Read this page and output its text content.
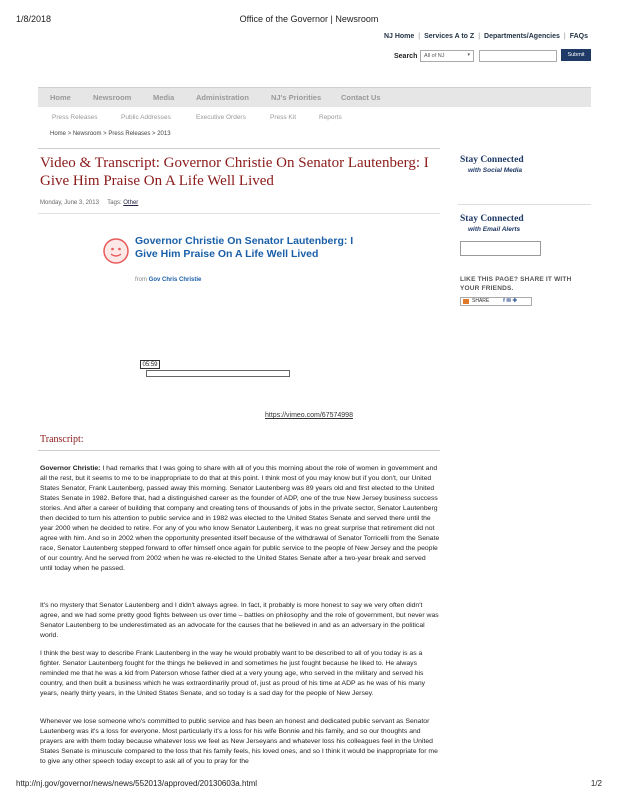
1/8/2018	Office of the Governor | Newsroom
NJ Home | Services A to Z | Departments/Agencies | FAQs
Search	All of NJ	▾	Submit
Home	Newsroom	Media	Administration	NJ's Priorities	Contact Us
Press Releases	Public Addresses	Executive Orders	Press Kit	Reports
Home > Newsroom > Press Releases > 2013
Video & Transcript: Governor Christie On Senator Lautenberg: I Give Him Praise On A Life Well Lived
Monday, June 3, 2013 Tags: Other
Stay Connected
with Social Media
Stay Connected
with Email Alerts
LIKE THIS PAGE? SHARE IT WITH YOUR FRIENDS.
SHARE	f ✉ ✚
Governor Christie On Senator Lautenberg: I Give Him Praise On A Life Well Lived
from Gov Chris Christie
05:59
https://vimeo.com/67574998
Transcript:
Governor Christie: I had remarks that I was going to share with all of you this morning about the role of women in government and all the rest, but it seems to me to be inappropriate to do that at this point. I think most of you may know but if you don't, our United States Senator, Frank Lautenberg, passed away this morning. Senator Lautenberg was 89 years old and first elected to the United States Senate in 1982. Before that, had a distinguished career as the founder of ADP, one of the true New Jersey business success stories. And after a career of building that company and creating tens of thousands of jobs in the private sector, Senator Lautenberg then decided to turn his attention to public service and in 1982 was elected to the United States Senate and served there until the year 2000 when he decided to retire. For any of you who know Senator Lautenberg, it was no great surprise that retirement did not agree with him. And so in 2002 when the opportunity presented itself because of the withdrawal of Senator Torricelli from the Senate race, Senator Lautenberg stepped forward to offer himself once again for public service to the people of New Jersey and the people of our country. And he served from 2002 when he was re-elected to the United States Senate after a two-year break and served until today when he passed.
It's no mystery that Senator Lautenberg and I didn't always agree. In fact, it probably is more honest to say we very often didn't agree, and we had some pretty good fights between us over time – battles on philosophy and the role of government, but never was Senator Lautenberg to be underestimated as an advocate for the causes that he believed in and as an adversary in the political world.
I think the best way to describe Frank Lautenberg in the way he would probably want to be described to all of you today is as a fighter. Senator Lautenberg fought for the things he believed in and sometimes he just fought because he liked to. He always reminded me that he was a kid from Paterson whose father died at a very young age, who served in the military and served his country, and then built a business which he was extraordinarily proud of, just as proud of his time at ADP as he was of his many years, nearly thirty years, in the United States Senate, and so today is a sad day for the people of New Jersey.
Whenever we lose someone who's committed to public service and has been an honest and dedicated public servant as Senator Lautenberg was it's a loss for everyone. Most particularly it's a loss for his wife Bonnie and his family, and so our thoughts and prayers are with them today because whatever loss we feel as New Jerseyans and whatever loss his colleagues feel in the United States Senate is minuscule compared to the loss that his family feels, his loved ones, and so I think it would be inappropriate for me to give any other speech today except to ask all of you to pray for the
http://nj.gov/governor/news/news/552013/approved/20130603a.html	1/2
